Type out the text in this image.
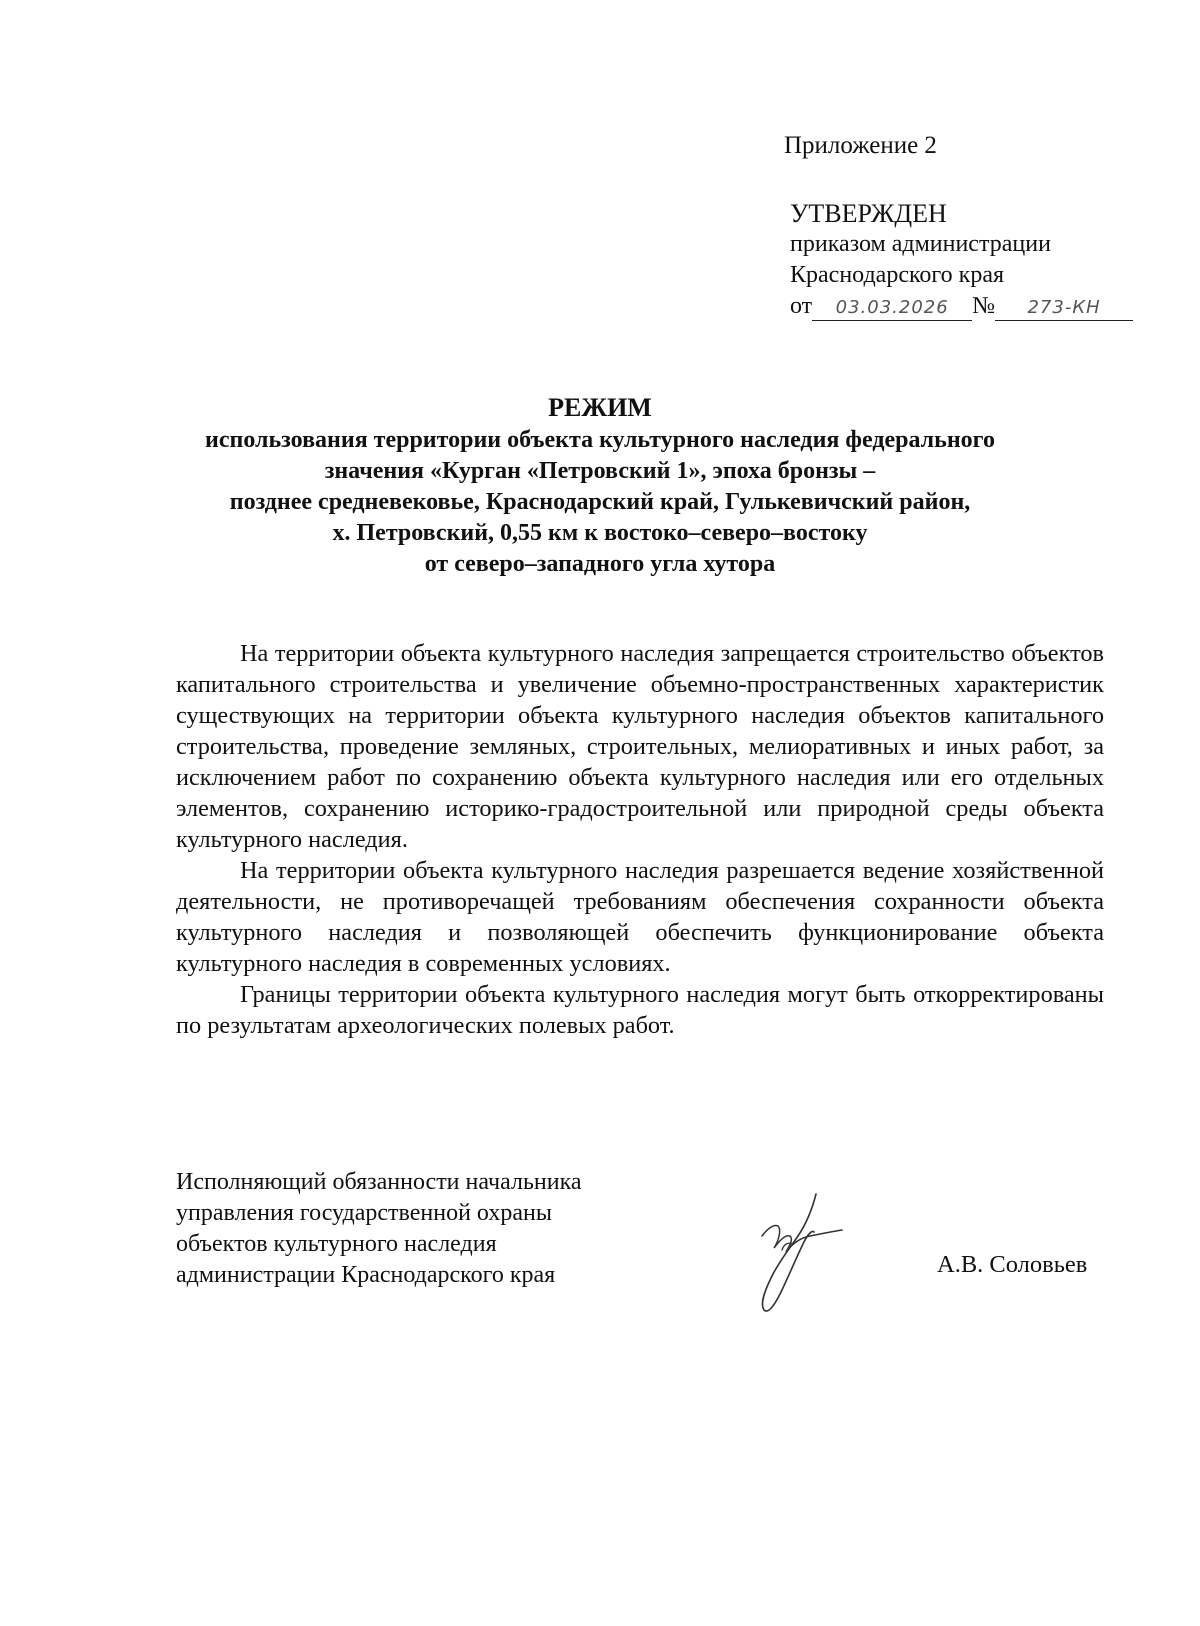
Приложение 2
УТВЕРЖДЕН
приказом администрации
Краснодарского края
от 03.03.2026 № 273-КН
РЕЖИМ
использования территории объекта культурного наследия федерального
значения «Курган «Петровский 1», эпоха бронзы –
позднее средневековье, Краснодарский край, Гулькевичский район,
х. Петровский, 0,55 км к востоко–северо–востоку
от северо–западного угла хутора

На территории объекта культурного наследия запрещается строительство объектов капитального строительства и увеличение объемно-пространственных характеристик существующих на территории объекта культурного наследия объектов капитального строительства, проведение земляных, строительных, мелиоративных и иных работ, за исключением работ по сохранению объекта культурного наследия или его отдельных элементов, сохранению историко-градостроительной или природной среды объекта культурного наследия.

На территории объекта культурного наследия разрешается ведение хозяйственной деятельности, не противоречащей требованиям обеспечения сохранности объекта культурного наследия и позволяющей обеспечить функционирование объекта культурного наследия в современных условиях.

Границы территории объекта культурного наследия могут быть откорректированы по результатам археологических полевых работ.

Исполняющий обязанности начальника
управления государственной охраны
объектов культурного наследия
администрации Краснодарского края	А.В. Соловьев
